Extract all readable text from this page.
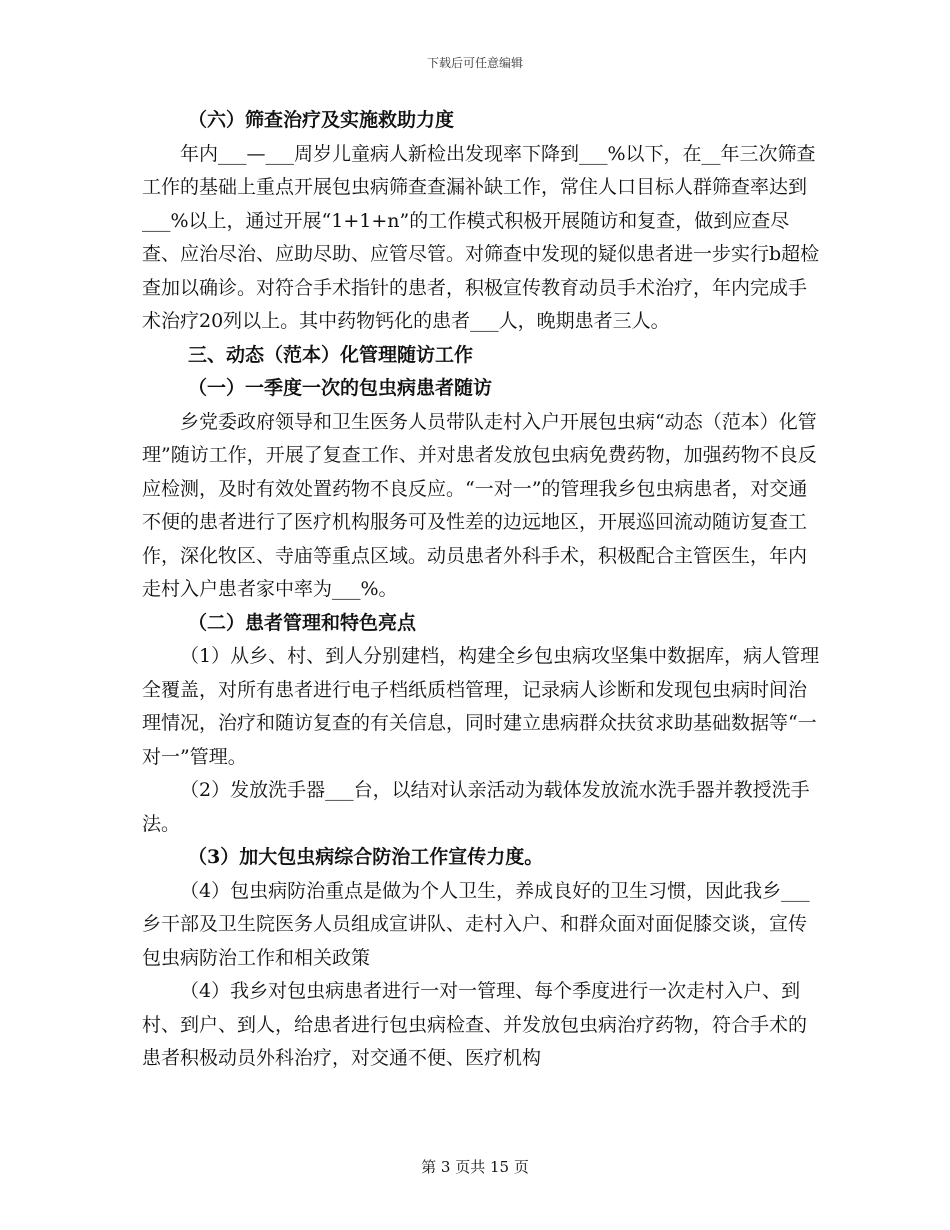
下载后可任意编辑

（六）筛查治疗及实施救助力度

年内___—___周岁儿童病人新检出发现率下降到___%以下，在__年三次筛查工作的基础上重点开展包虫病筛查查漏补缺工作，常住人口目标人群筛查率达到___%以上，通过开展“1+1+n”的工作模式积极开展随访和复查，做到应查尽查、应治尽治、应助尽助、应管尽管。对筛查中发现的疑似患者进一步实行b超检查加以确诊。对符合手术指针的患者，积极宣传教育动员手术治疗，年内完成手术治疗20列以上。其中药物钙化的患者___人，晚期患者三人。

三、动态（范本）化管理随访工作

（一）一季度一次的包虫病患者随访

乡党委政府领导和卫生医务人员带队走村入户开展包虫病“动态（范本）化管理”随访工作，开展了复查工作、并对患者发放包虫病免费药物，加强药物不良反应检测，及时有效处置药物不良反应。“一对一”的管理我乡包虫病患者，对交通不便的患者进行了医疗机构服务可及性差的边远地区，开展巡回流动随访复查工作，深化牧区、寺庙等重点区域。动员患者外科手术，积极配合主管医生，年内走村入户患者家中率为___%。

（二）患者管理和特色亮点

（1）从乡、村、到人分别建档，构建全乡包虫病攻坚集中数据库，病人管理全覆盖，对所有患者进行电子档纸质档管理，记录病人诊断和发现包虫病时间治理情况，治疗和随访复查的有关信息，同时建立患病群众扶贫求助基础数据等“一对一”管理。

（2）发放洗手器___台，以结对认亲活动为载体发放流水洗手器并教授洗手法。

（3）加大包虫病综合防治工作宣传力度。

（4）包虫病防治重点是做为个人卫生，养成良好的卫生习惯，因此我乡___乡干部及卫生院医务人员组成宣讲队、走村入户、和群众面对面促膝交谈，宣传包虫病防治工作和相关政策

（4）我乡对包虫病患者进行一对一管理、每个季度进行一次走村入户、到村、到户、到人，给患者进行包虫病检查、并发放包虫病治疗药物，符合手术的患者积极动员外科治疗，对交通不便、医疗机构

第 3 页共 15 页
